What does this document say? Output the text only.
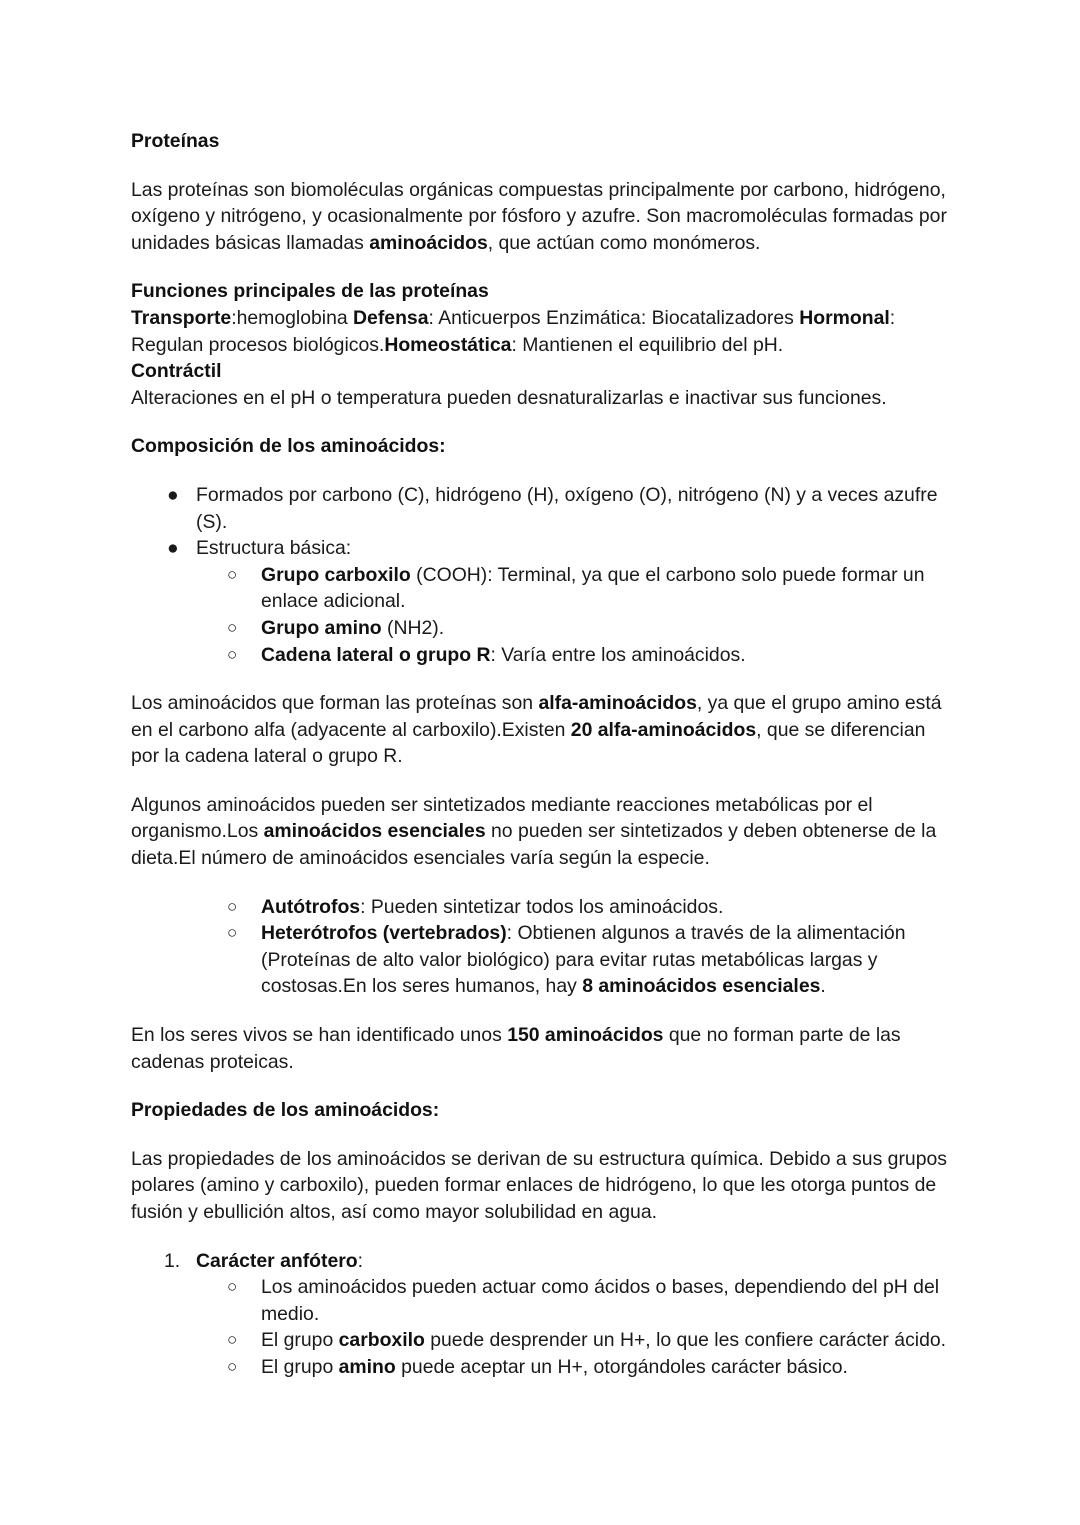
Proteínas

Las proteínas son biomoléculas orgánicas compuestas principalmente por carbono, hidrógeno, oxígeno y nitrógeno, y ocasionalmente por fósforo y azufre. Son macromoléculas formadas por unidades básicas llamadas aminoácidos, que actúan como monómeros.

Funciones principales de las proteínas

Transporte:hemoglobina Defensa: Anticuerpos Enzimática: Biocatalizadores Hormonal: Regulan procesos biológicos.Homeostática: Mantienen el equilibrio del pH.

Contráctil

Alteraciones en el pH o temperatura pueden desnaturalizarlas e inactivar sus funciones.

Composición de los aminoácidos:

● Formados por carbono (C), hidrógeno (H), oxígeno (O), nitrógeno (N) y a veces azufre (S).
● Estructura básica:
○ Grupo carboxilo (COOH): Terminal, ya que el carbono solo puede formar un enlace adicional.
○ Grupo amino (NH2).
○ Cadena lateral o grupo R: Varía entre los aminoácidos.

Los aminoácidos que forman las proteínas son alfa-aminoácidos, ya que el grupo amino está en el carbono alfa (adyacente al carboxilo).Existen 20 alfa-aminoácidos, que se diferencian por la cadena lateral o grupo R.

Algunos aminoácidos pueden ser sintetizados mediante reacciones metabólicas por el organismo.Los aminoácidos esenciales no pueden ser sintetizados y deben obtenerse de la dieta.El número de aminoácidos esenciales varía según la especie.

○ Autótrofos: Pueden sintetizar todos los aminoácidos.
○ Heterótrofos (vertebrados): Obtienen algunos a través de la alimentación (Proteínas de alto valor biológico) para evitar rutas metabólicas largas y costosas.En los seres humanos, hay 8 aminoácidos esenciales.

En los seres vivos se han identificado unos 150 aminoácidos que no forman parte de las cadenas proteicas.

Propiedades de los aminoácidos:

Las propiedades de los aminoácidos se derivan de su estructura química. Debido a sus grupos polares (amino y carboxilo), pueden formar enlaces de hidrógeno, lo que les otorga puntos de fusión y ebullición altos, así como mayor solubilidad en agua.

1. Carácter anfótero:
○ Los aminoácidos pueden actuar como ácidos o bases, dependiendo del pH del medio.
○ El grupo carboxilo puede desprender un H+, lo que les confiere carácter ácido.
○ El grupo amino puede aceptar un H+, otorgándoles carácter básico.
